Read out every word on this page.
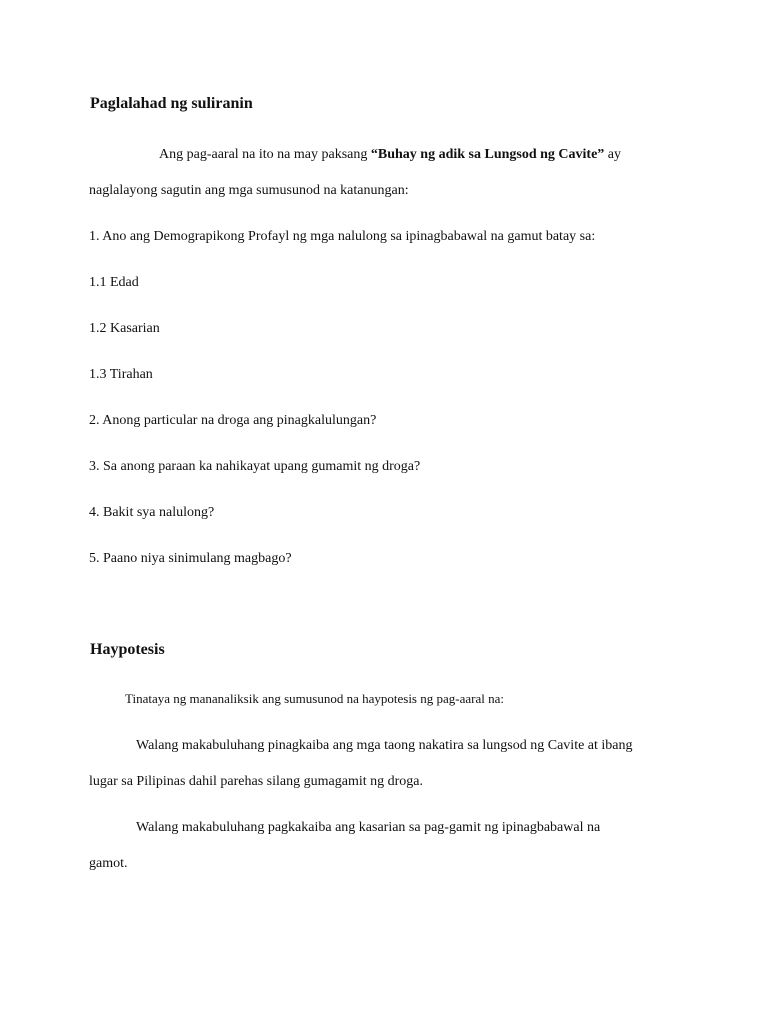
Paglalahad ng suliranin
Ang pag-aaral na ito na may paksang “Buhay ng adik sa Lungsod ng Cavite” ay
naglalayong sagutin ang mga sumusunod na katanungan:
1. Ano ang Demograpikong Profayl ng mga nalulong sa ipinagbabawal na gamut batay sa:
1.1 Edad
1.2 Kasarian
1.3 Tirahan
2. Anong particular na droga ang pinagkalulungan?
3. Sa anong paraan ka nahikayat upang gumamit ng droga?
4. Bakit sya nalulong?
5. Paano niya sinimulang magbago?
Haypotesis
Tinataya ng mananaliksik ang sumusunod na haypotesis ng pag-aaral na:
Walang makabuluhang pinagkaiba ang mga taong nakatira sa lungsod ng Cavite at ibang
lugar sa Pilipinas dahil parehas silang gumagamit ng droga.
Walang makabuluhang pagkakaiba ang kasarian sa pag-gamit ng ipinagbabawal na
gamot.
